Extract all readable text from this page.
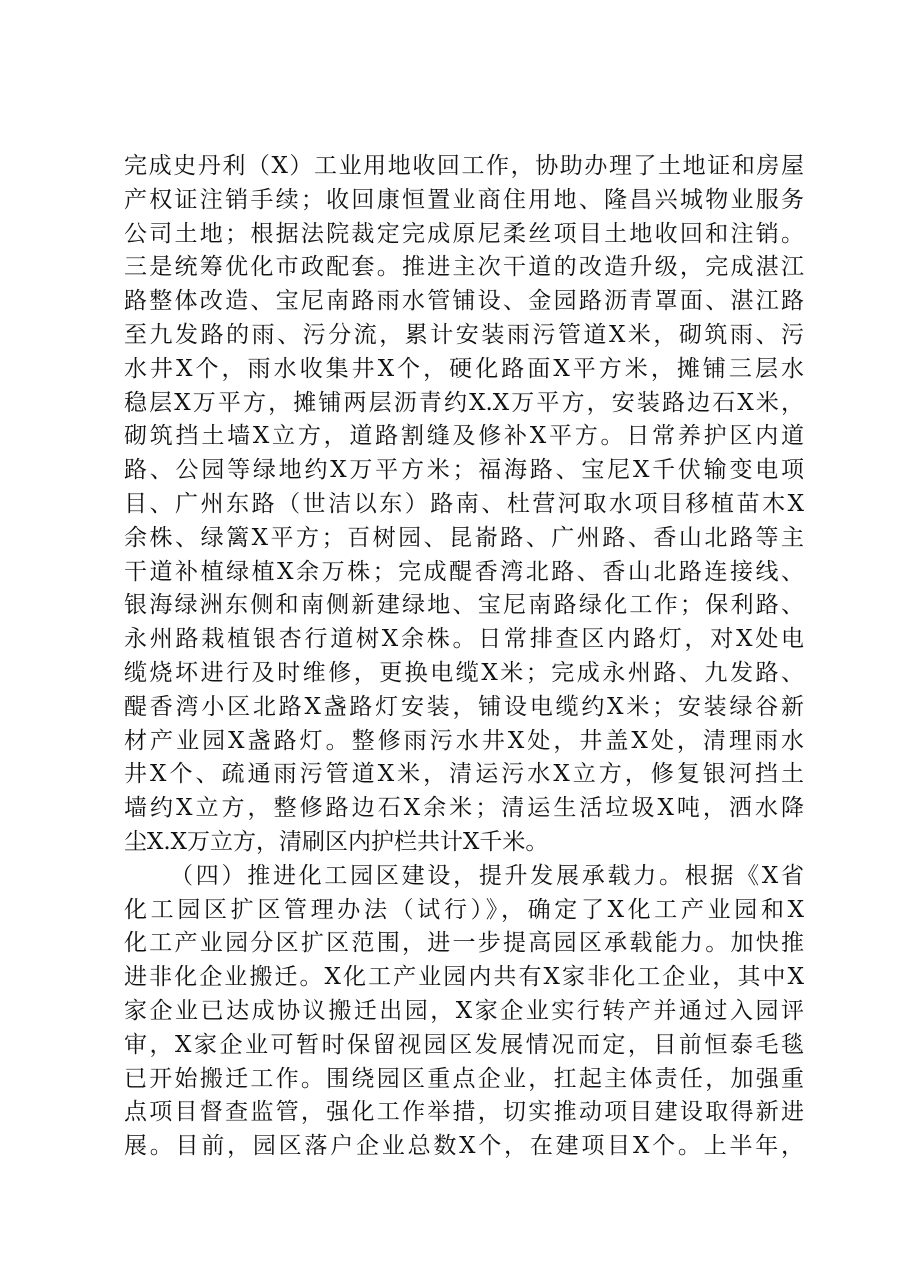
完成史丹利（X）工业用地收回工作，协助办理了土地证和房屋
产权证注销手续；收回康恒置业商住用地、隆昌兴城物业服务
公司土地；根据法院裁定完成原尼柔丝项目土地收回和注销。
三是统筹优化市政配套。推进主次干道的改造升级，完成湛江
路整体改造、宝尼南路雨水管铺设、金园路沥青罩面、湛江路
至九发路的雨、污分流，累计安装雨污管道X米，砌筑雨、污
水井X个，雨水收集井X个，硬化路面X平方米，摊铺三层水
稳层X万平方，摊铺两层沥青约X.X万平方，安装路边石X米，
砌筑挡土墙X立方，道路割缝及修补X平方。日常养护区内道
路、公园等绿地约X万平方米；福海路、宝尼X千伏输变电项
目、广州东路（世洁以东）路南、杜营河取水项目移植苗木X
余株、绿篱X平方；百树园、昆嵛路、广州路、香山北路等主
干道补植绿植X余万株；完成醍香湾北路、香山北路连接线、
银海绿洲东侧和南侧新建绿地、宝尼南路绿化工作；保利路、
永州路栽植银杏行道树X余株。日常排查区内路灯，对X处电
缆烧坏进行及时维修，更换电缆X米；完成永州路、九发路、
醍香湾小区北路X盏路灯安装，铺设电缆约X米；安装绿谷新
材产业园X盏路灯。整修雨污水井X处，井盖X处，清理雨水
井X个、疏通雨污管道X米，清运污水X立方，修复银河挡土
墙约X立方，整修路边石X余米；清运生活垃圾X吨，洒水降
尘X.X万立方，清刷区内护栏共计X千米。
（四）推进化工园区建设，提升发展承载力。根据《X省
化工园区扩区管理办法（试行）》，确定了X化工产业园和X
化工产业园分区扩区范围，进一步提高园区承载能力。加快推
进非化企业搬迁。X化工产业园内共有X家非化工企业，其中X
家企业已达成协议搬迁出园，X家企业实行转产并通过入园评
审，X家企业可暂时保留视园区发展情况而定，目前恒泰毛毯
已开始搬迁工作。围绕园区重点企业，扛起主体责任，加强重
点项目督查监管，强化工作举措，切实推动项目建设取得新进
展。目前，园区落户企业总数X个，在建项目X个。上半年，
